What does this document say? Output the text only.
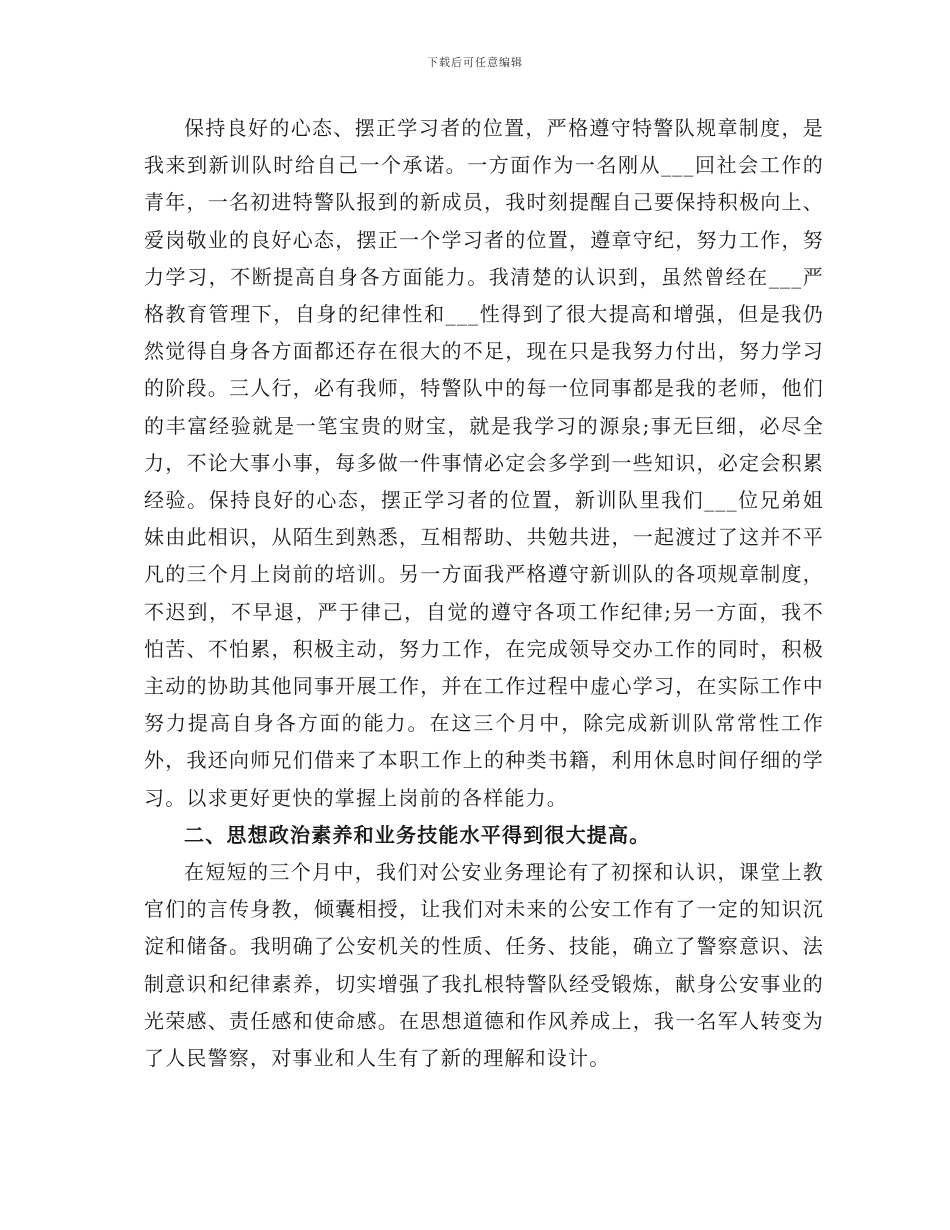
下载后可任意编辑

保持良好的心态、摆正学习者的位置，严格遵守特警队规章制度，是我来到新训队时给自己一个承诺。一方面作为一名刚从___回社会工作的青年，一名初进特警队报到的新成员，我时刻提醒自己要保持积极向上、爱岗敬业的良好心态，摆正一个学习者的位置，遵章守纪，努力工作，努力学习，不断提高自身各方面能力。我清楚的认识到，虽然曾经在___严格教育管理下，自身的纪律性和___性得到了很大提高和增强，但是我仍然觉得自身各方面都还存在很大的不足，现在只是我努力付出，努力学习的阶段。三人行，必有我师，特警队中的每一位同事都是我的老师，他们的丰富经验就是一笔宝贵的财宝，就是我学习的源泉;事无巨细，必尽全力，不论大事小事，每多做一件事情必定会多学到一些知识，必定会积累经验。保持良好的心态，摆正学习者的位置，新训队里我们___位兄弟姐妹由此相识，从陌生到熟悉，互相帮助、共勉共进，一起渡过了这并不平凡的三个月上岗前的培训。另一方面我严格遵守新训队的各项规章制度，不迟到，不早退，严于律己，自觉的遵守各项工作纪律;另一方面，我不怕苦、不怕累，积极主动，努力工作，在完成领导交办工作的同时，积极主动的协助其他同事开展工作，并在工作过程中虚心学习，在实际工作中努力提高自身各方面的能力。在这三个月中，除完成新训队常常性工作外，我还向师兄们借来了本职工作上的种类书籍，利用休息时间仔细的学习。以求更好更快的掌握上岗前的各样能力。

二、思想政治素养和业务技能水平得到很大提高。

在短短的三个月中，我们对公安业务理论有了初探和认识，课堂上教官们的言传身教，倾囊相授，让我们对未来的公安工作有了一定的知识沉淀和储备。我明确了公安机关的性质、任务、技能，确立了警察意识、法制意识和纪律素养，切实增强了我扎根特警队经受锻炼，献身公安事业的光荣感、责任感和使命感。在思想道德和作风养成上，我一名军人转变为了人民警察，对事业和人生有了新的理解和设计。
